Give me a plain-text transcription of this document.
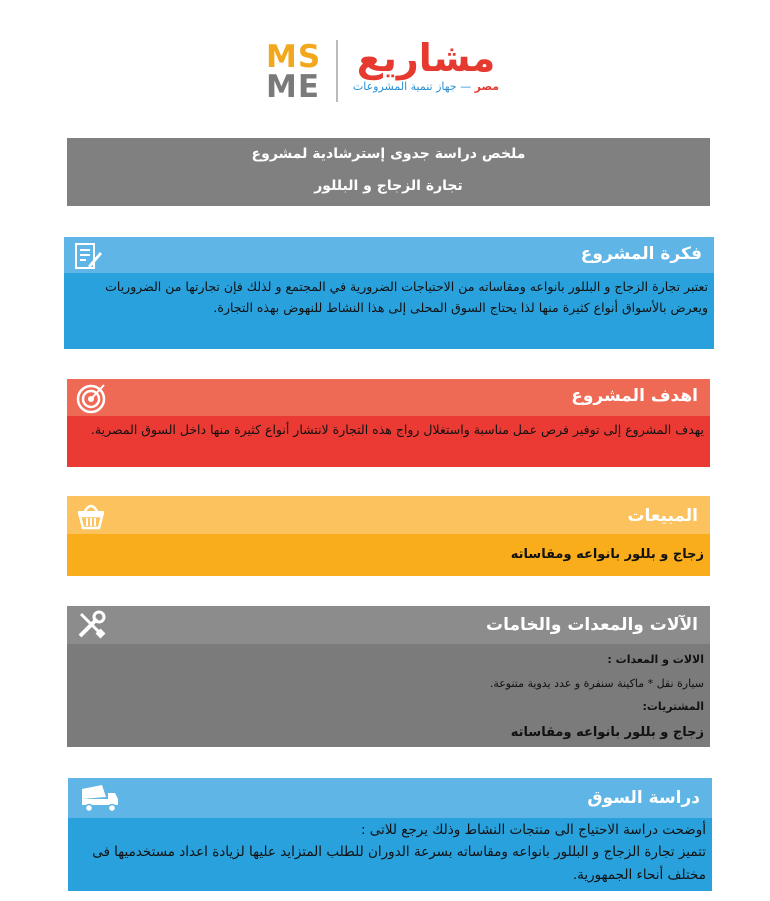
MS
ME
مشاريع
مصر — جهاز تنمية المشروعات
ملخص دراسة جدوى إسترشادية لمشروع
تجارة الزجاج و البللور
فكرة المشروع
تعتبر تجارة الزجاج و البللور بانواعه ومقاساته من الاحتياجات الضرورية في المجتمع و لذلك فإن تجارتها من الضروريات ويعرض بالأسواق أنواع كثيرة منها لذا يحتاج السوق المحلى إلى هذا النشاط للنهوض بهذه التجارة.
اهدف المشروع
يهدف المشروع إلى توفير فرص عمل مناسبة واستغلال رواج هذه التجارة لانتشار أنواع كثيرة منها داخل السوق المصرية.
المبيعات
زجاج و بللور بانواعه ومقاساته
الآلات والمعدات والخامات
الالات و المعدات :
سيارة نقل * ماكينة سنفرة و عدد يدوية متنوعة.
المشتريات:
زجاج و بللور بانواعه ومقاساته
دراسة السوق
أوضحت دراسة الاحتياج الى منتجات النشاط وذلك يرجع للاتى :
تتميز تجارة الزجاج و البللور بانواعه ومقاساته بسرعة الدوران للطلب المتزايد عليها لزيادة اعداد مستخدميها فى مختلف أنحاء الجمهورية.
